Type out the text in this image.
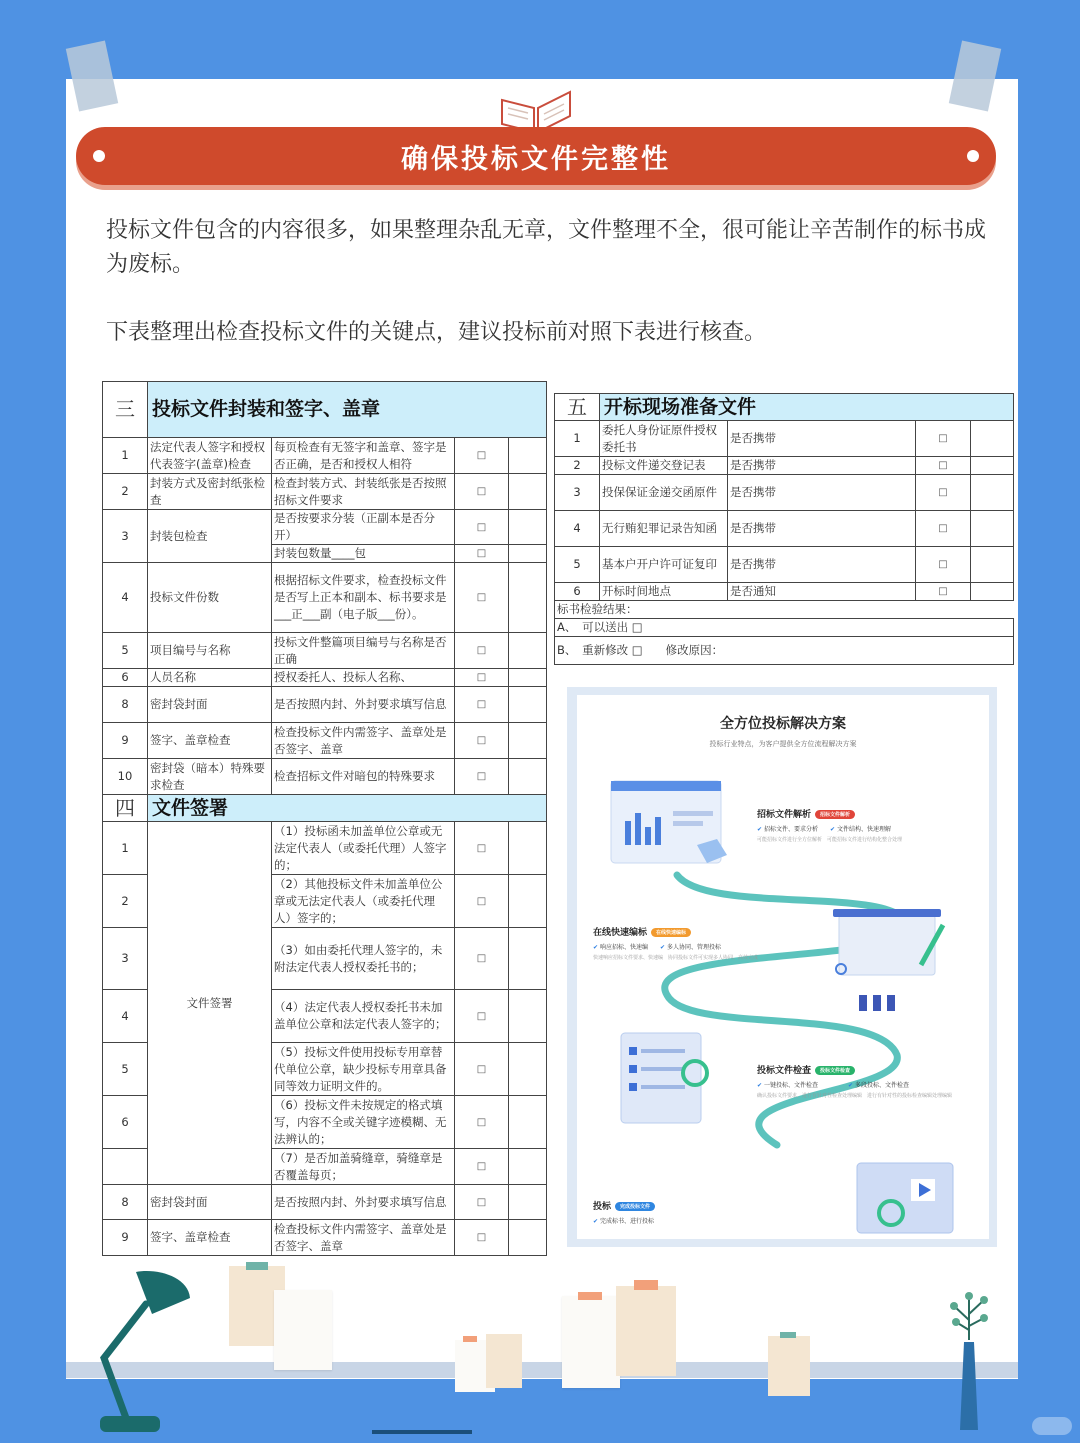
确保投标文件完整性

投标文件包含的内容很多，如果整理杂乱无章，文件整理不全，很可能让辛苦制作的标书成为废标。

下表整理出检查投标文件的关键点，建议投标前对照下表进行核查。

三	投标文件封装和签字、盖章			
1	法定代表人签字和授权代表签字(盖章)检查	每页检查有无签字和盖章、签字是否正确，是否和授权人相符	□	
2	封装方式及密封纸张检查	检查封装方式、封装纸张是否按照招标文件要求	□	
3	封装包检查	是否按要求分装（正副本是否分开）	□	
		封装包数量____包	□	
4	投标文件份数	根据招标文件要求，检查投标文件是否写上正本和副本、标书要求是___正___副（电子版___份）。	□	
5	项目编号与名称	投标文件整篇项目编号与名称是否正确	□	
6	人员名称	授权委托人、投标人名称、	□	
8	密封袋封面	是否按照内封、外封要求填写信息	□	
9	签字、盖章检查	检查投标文件内需签字、盖章处是否签字、盖章	□	
10	密封袋（暗本）特殊要求检查	检查招标文件对暗包的特殊要求	□	
四	文件签署			
1	文件签署	（1）投标函未加盖单位公章或无法定代表人（或委托代理）人签字的；	□	
2		（2）其他投标文件未加盖单位公章或无法定代表人（或委托代理人）签字的；	□	
3		（3）如由委托代理人签字的，未附法定代表人授权委托书的；	□	
4		（4）法定代表人授权委托书未加盖单位公章和法定代表人签字的；	□	
5		（5）投标文件使用投标专用章替代单位公章，缺少投标专用章具备同等效力证明文件的。	□	
6		（6）投标文件未按规定的格式填写，内容不全或关键字迹模糊、无法辨认的；	□	
		（7）是否加盖骑缝章，骑缝章是否覆盖每页；	□	
8	密封袋封面	是否按照内封、外封要求填写信息	□	
9	签字、盖章检查	检查投标文件内需签字、盖章处是否签字、盖章	□	
五	开标现场准备文件			
1	委托人身份证原件授权委托书	是否携带	□	
2	投标文件递交登记表	是否携带	□	
3	投保保证金递交函原件	是否携带	□	
4	无行贿犯罪记录告知函	是否携带	□	
5	基本户开户许可证复印	是否携带	□	
6	开标时间地点	是否通知	□	
标书检验结果：				
A、　可以送出 □				
B、　重新修改 □　　修改原因：				
全方位投标解决方案
投标行业特点，为客户提供全方位流程解决方案
招标文件解析 招标文件解析
✔ 招标文件、要求分析　　 ✔ 文件结构、快速理解
可能招标文件进行全方位解析　 可能招标文件进行结构化整合处理
在线快速编标 在线快速编标
✔ 响应招标、快速编　　 ✔ 多人协同、管理投标
快速响应招标文件要求、快速编　 协同投标文件可实现多人协同、高效完成
投标文件检查 投标文件检查
✔ 一键投标、文件检查　　　　　	✔ 多段投标、文件检查
确认投标文件要求，进行有针对性检查处理编辑　 进行有针对性的投标检查编辑处理编辑
投标 完成投标文件
✔ 完成标书、进行投标
